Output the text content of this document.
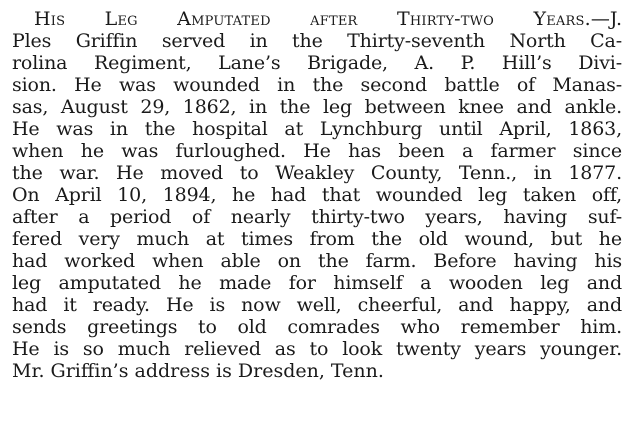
His Leg Amputated after Thirty-two Years.—J.
Ples Griffin served in the Thirty-seventh North Ca-
rolina Regiment, Lane’s Brigade, A. P. Hill’s Divi-
sion. He was wounded in the second battle of Manas-
sas, August 29, 1862, in the leg between knee and ankle.
He was in the hospital at Lynchburg until April, 1863,
when he was furloughed. He has been a farmer since
the war. He moved to Weakley County, Tenn., in 1877.
On April 10, 1894, he had that wounded leg taken off,
after a period of nearly thirty-two years, having suf-
fered very much at times from the old wound, but he
had worked when able on the farm. Before having his
leg amputated he made for himself a wooden leg and
had it ready. He is now well, cheerful, and happy, and
sends greetings to old comrades who remember him.
He is so much relieved as to look twenty years younger.
Mr. Griffin’s address is Dresden, Tenn.
